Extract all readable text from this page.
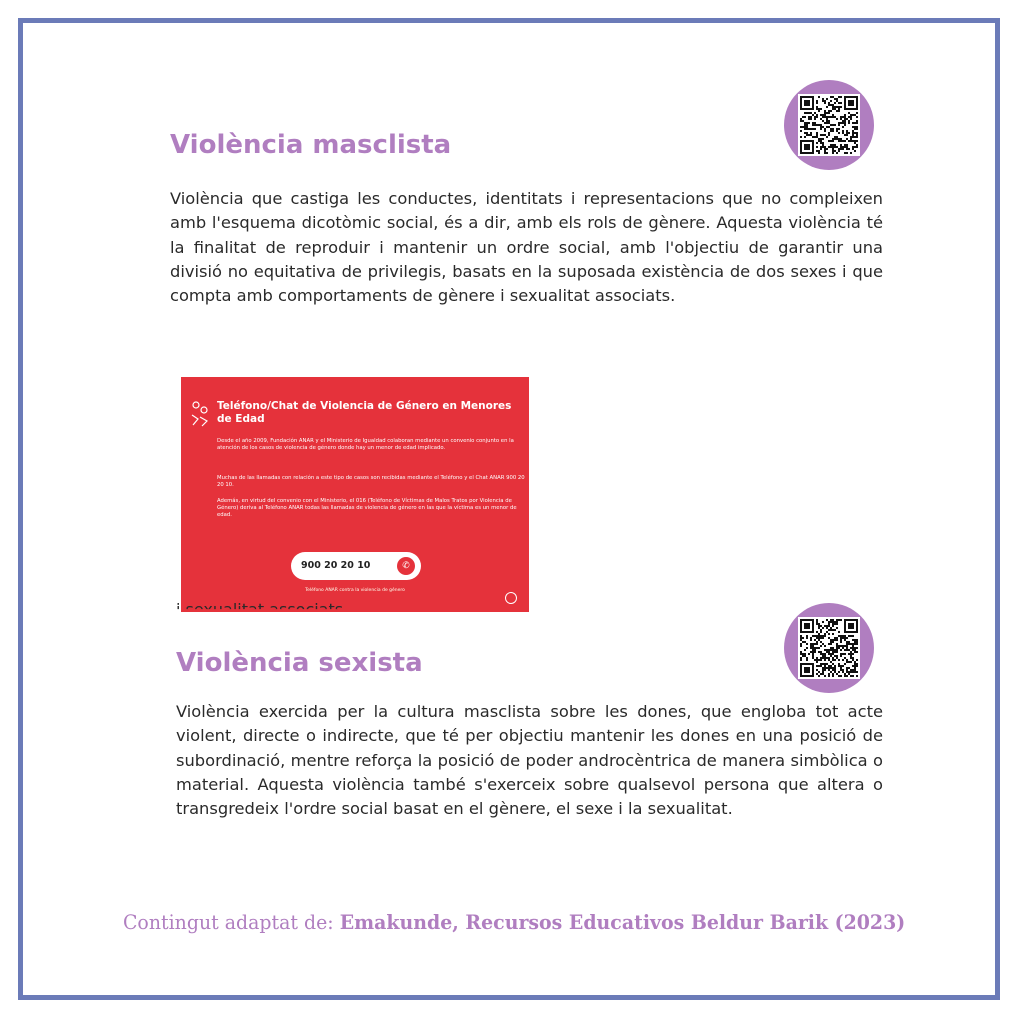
Violència masclista

Violència que castiga les conductes, identitats i representacions que no compleixen amb l'esquema dicotòmic social, és a dir, amb els rols de gènere. Aquesta violència té la finalitat de reproduir i mantenir un ordre social, amb l'objectiu de garantir una divisió no equitativa de privilegis, basats en la suposada existència de dos sexes i que compta amb comportaments de gènere i sexualitat associats.

Teléfono/Chat de Violencia de Género en Menores de Edad
Desde el año 2009, Fundación ANAR y el Ministerio de Igualdad colaboran mediante un convenio conjunto en la atención de los casos de violencia de género donde hay un menor de edad implicado.
Muchas de las llamadas con relación a este tipo de casos son recibidas mediante el Teléfono y el Chat ANAR 900 20 20 10.
Además, en virtud del convenio con el Ministerio, el 016 (Teléfono de Víctimas de Malos Tratos por Violencia de Género) deriva al Teléfono ANAR todas las llamadas de violencia de género en las que la víctima es un menor de edad.
900 20 20 10	✆
Teléfono ANAR contra la violencia de género
Violència sexista

Violència exercida per la cultura masclista sobre les dones, que engloba tot acte violent, directe o indirecte, que té per objectiu mantenir les dones en una posició de subordinació, mentre reforça la posició de poder androcèntrica de manera simbòlica o material. Aquesta violència també s'exerceix sobre qualsevol persona que altera o transgredeix l'ordre social basat en el gènere, el sexe i la sexualitat.

Contingut adaptat de: Emakunde, Recursos Educativos Beldur Barik (2023)
